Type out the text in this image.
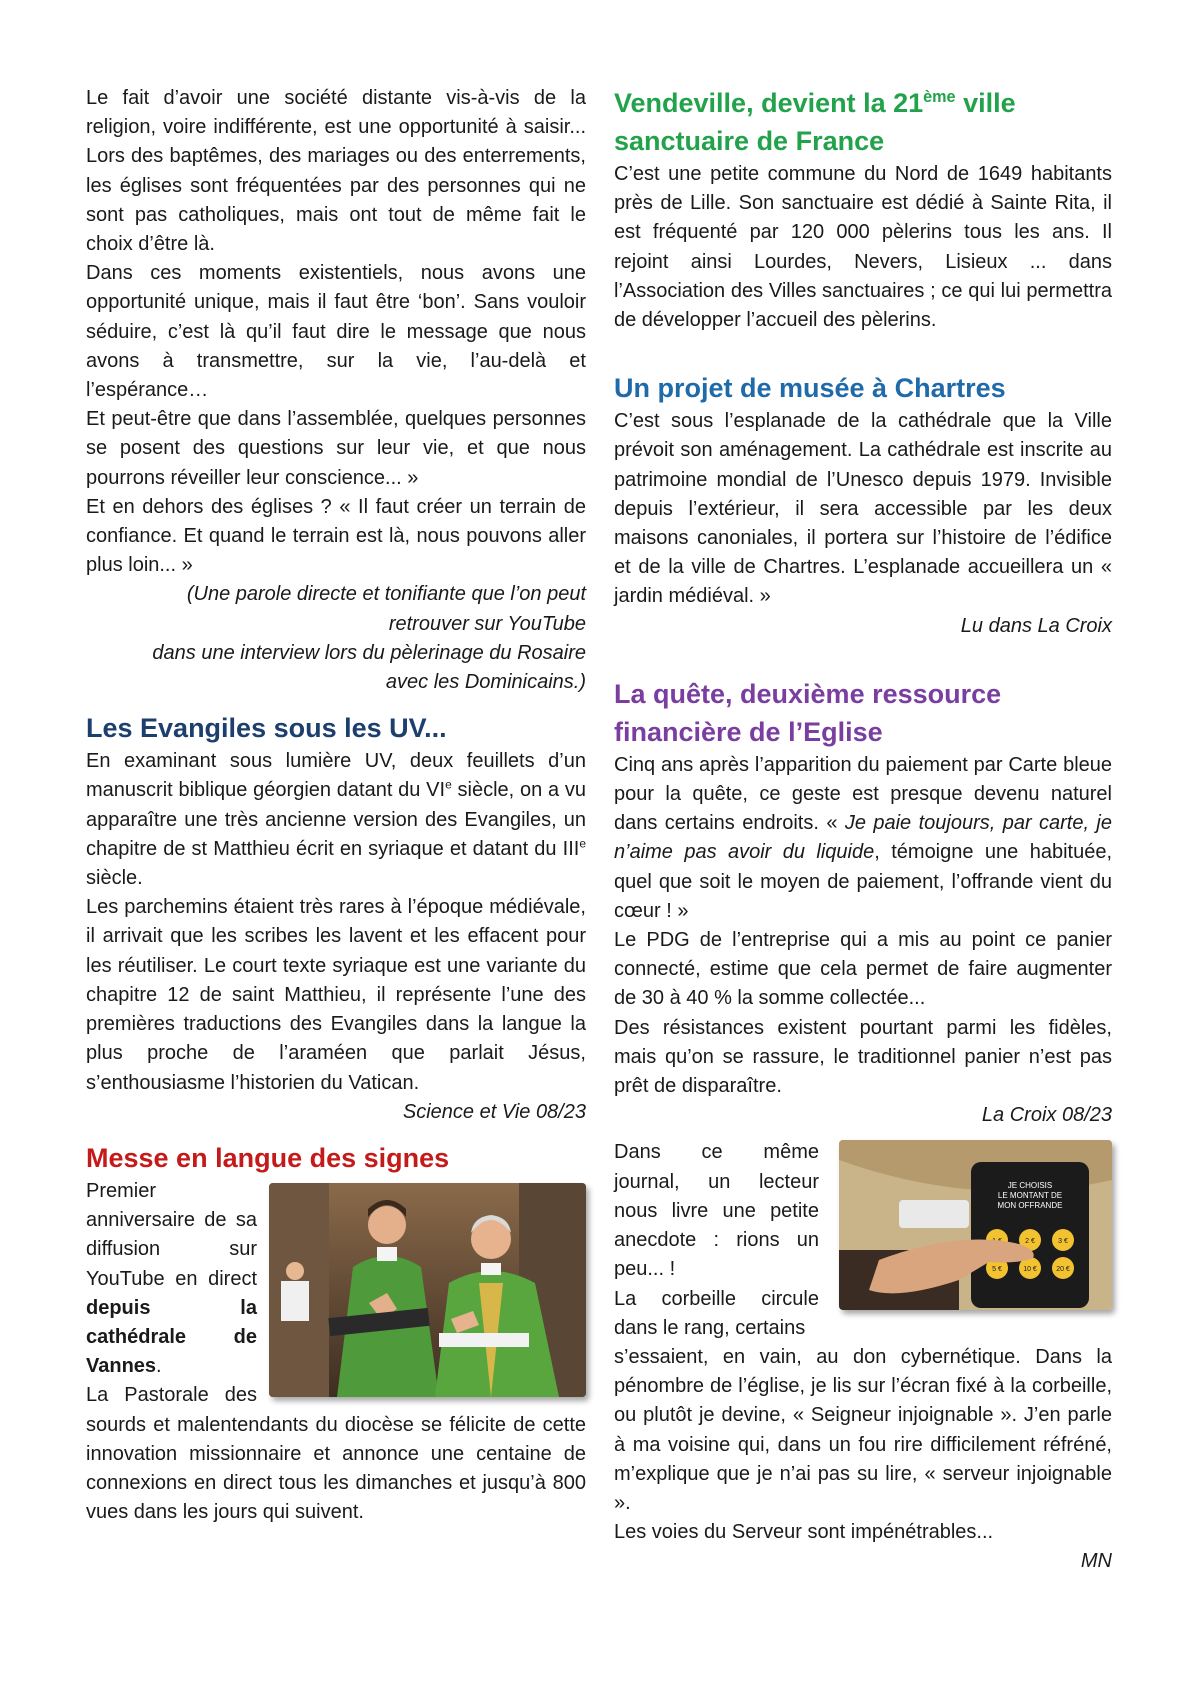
Le fait d’avoir une société distante vis-à-vis de la religion, voire indifférente, est une opportunité à saisir... Lors des baptêmes, des mariages ou des enterrements, les églises sont fréquentées par des personnes qui ne sont pas catholiques, mais ont tout de même fait le choix d’être là.

Dans ces moments existentiels, nous avons une opportunité unique, mais il faut être ‘bon’. Sans vouloir séduire, c’est là qu’il faut dire le message que nous avons à transmettre, sur la vie, l’au-delà et l’espérance…

Et peut-être que dans l’assemblée, quelques personnes se posent des questions sur leur vie, et que nous pourrons réveiller leur conscience... »

Et en dehors des églises ? « Il faut créer un terrain de confiance. Et quand le terrain est là, nous pouvons aller plus loin... »

(Une parole directe et tonifiante que l’on peut
retrouver sur YouTube
dans une interview lors du pèlerinage du Rosaire
avec les Dominicains.)
Les Evangiles sous les UV...

En examinant sous lumière UV, deux feuillets d’un manuscrit biblique géorgien datant du VIe siècle, on a vu apparaître une très ancienne version des Evangiles, un chapitre de st Matthieu écrit en syriaque et datant du IIIe siècle.

Les parchemins étaient très rares à l’époque médiévale, il arrivait que les scribes les lavent et les effacent pour les réutiliser. Le court texte syriaque est une variante du chapitre 12 de saint Matthieu, il représente l’une des premières traductions des Evangiles dans la langue la plus proche de l’araméen que parlait Jésus, s’enthousiasme l’historien du Vatican.

Science et Vie 08/23
Messe en langue des signes

Premier anniversaire de sa diffusion sur YouTube en direct depuis la cathédrale de Vannes.

La Pastorale des sourds et malentendants du diocèse se félicite de cette innovation missionnaire et annonce une centaine de connexions en direct tous les dimanches et jusqu’à 800 vues dans les jours qui suivent.

Vendeville, devient la 21ème ville sanctuaire de France

C’est une petite commune du Nord de 1649 habitants près de Lille. Son sanctuaire est dédié à Sainte Rita, il est fréquenté par 120 000 pèlerins tous les ans. Il rejoint ainsi Lourdes, Nevers, Lisieux ... dans l’Association des Villes sanctuaires ; ce qui lui permettra de développer l’accueil des pèlerins.

Un projet de musée à Chartres

C’est sous l’esplanade de la cathédrale que la Ville prévoit son aménagement. La cathédrale est inscrite au patrimoine mondial de l’Unesco depuis 1979. Invisible depuis l’extérieur, il sera accessible par les deux maisons canoniales, il portera sur l’histoire de l’édifice et de la ville de Chartres. L’esplanade accueillera un « jardin médiéval. »

Lu dans La Croix
La quête, deuxième ressource financière de l’Eglise

Cinq ans après l’apparition du paiement par Carte bleue pour la quête, ce geste est presque devenu naturel dans certains endroits. « Je paie toujours, par carte, je n’aime pas avoir du liquide, témoigne une habituée, quel que soit le moyen de paiement, l’offrande vient du cœur ! »

Le PDG de l’entreprise qui a mis au point ce panier connecté, estime que cela permet de faire augmenter de 30 à 40 % la somme collectée...

Des résistances existent pourtant parmi les fidèles, mais qu’on se rassure, le traditionnel panier n’est pas prêt de disparaître.

La Croix 08/23

Dans ce même journal, un lecteur nous livre une petite anecdote : rions un peu... !

La corbeille circule dans le rang, certains

JE CHOISIS
LE MONTANT DE
MON OFFRANDE
2 €	3 €
5 €	10 €	20 €

s’essaient, en vain, au don cybernétique. Dans la pénombre de l’église, je lis sur l’écran fixé à la corbeille, ou plutôt je devine, « Seigneur injoignable ». J’en parle à ma voisine qui, dans un fou rire difficilement réfréné, m’explique que je n’ai pas su lire, « serveur injoignable ».

Les voies du Serveur sont impénétrables...

MN
